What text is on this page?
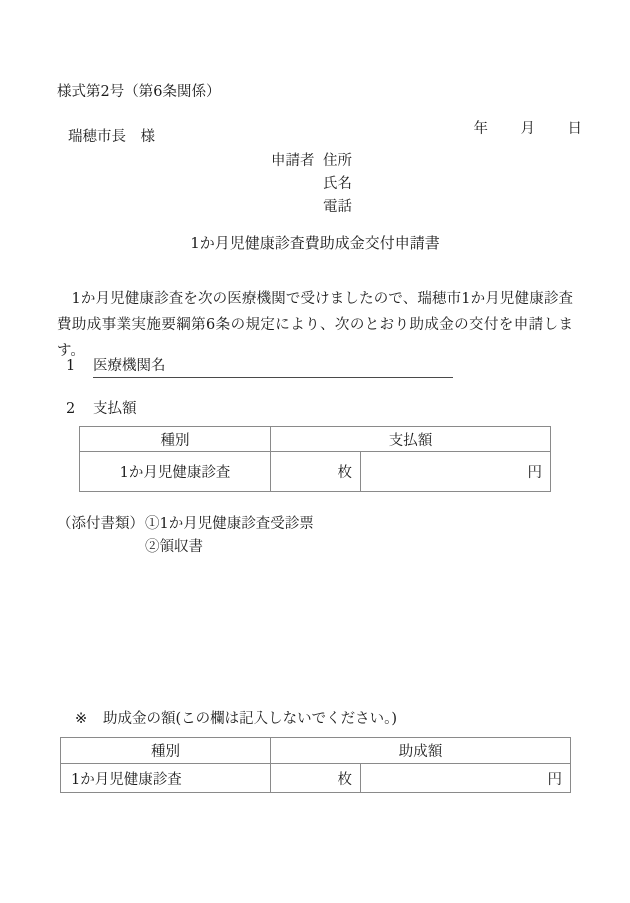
様式第2号（第6条関係）

年 月 日

瑞穂市長　様
申請者 住所
氏名
電話
1か月児健康診査費助成金交付申請書
1か月児健康診査を次の医療機関で受けましたので、瑞穂市1か月児健康診査費助成事業実施要綱第6条の規定により、次のとおり助成金の交付を申請します。
1 医療機関名
2 支払額
種別	支払額	
1か月児健康診査	枚	円
（添付書類）①1か月児健康診査受診票
②領収書
※ 助成金の額(この欄は記入しないでください。)
種別	助成額	
1か月児健康診査	枚	円
